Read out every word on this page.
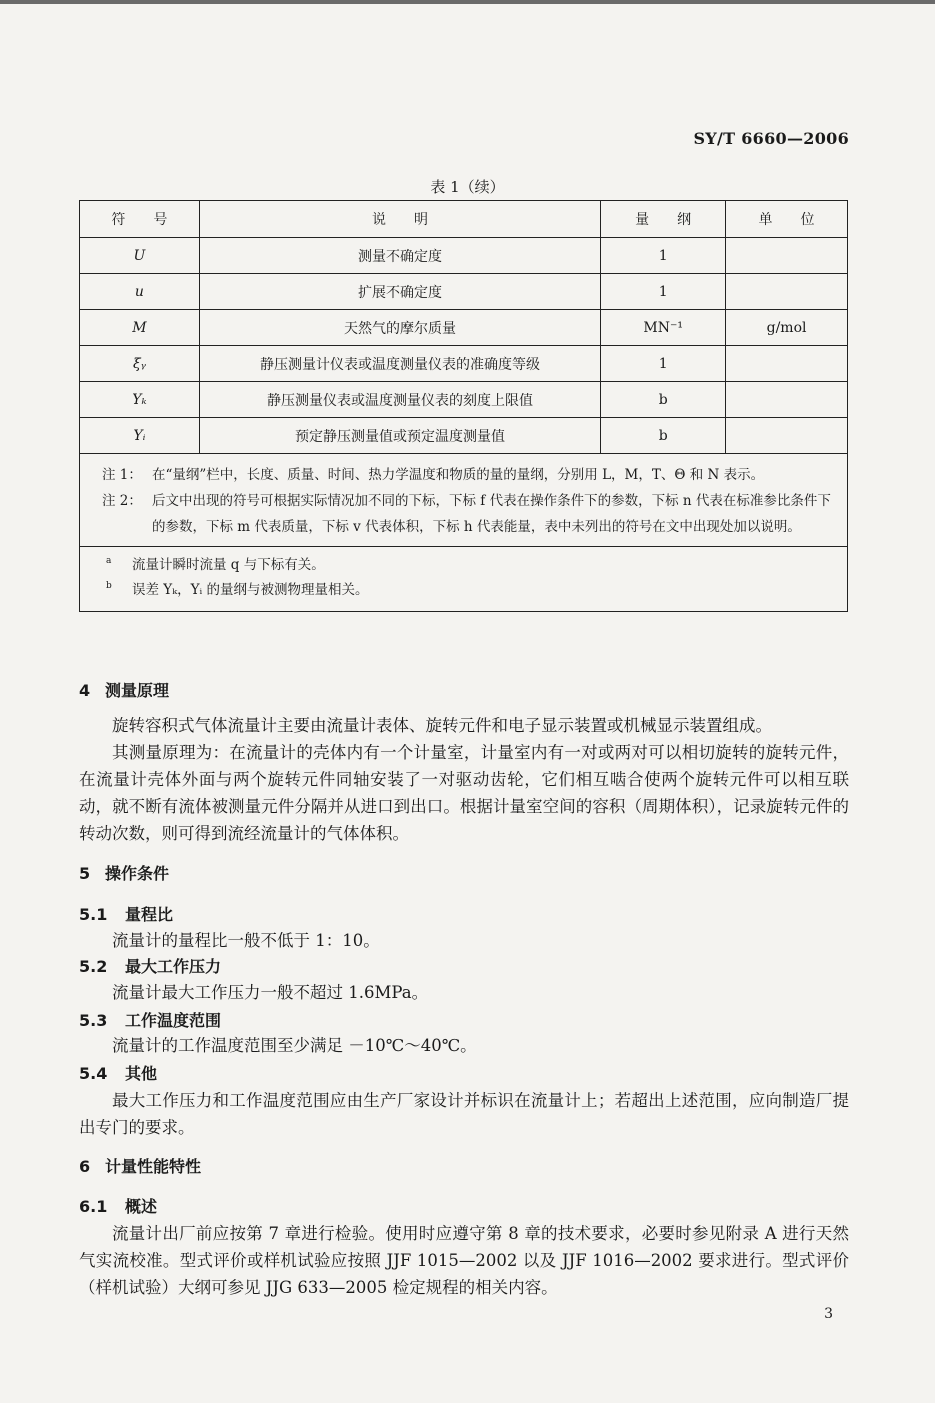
SY/T 6660—2006
表 1（续）
符　　号	说　　明	量　　纲	单　　位
U	测量不确定度	1	
u	扩展不确定度	1	
M	天然气的摩尔质量	MN⁻¹	g/mol
ξᵧ	静压测量计仪表或温度测量仪表的准确度等级	1	
Yₖ	静压测量仪表或温度测量仪表的刻度上限值	b	
Yᵢ	预定静压测量值或预定温度测量值	b	

注 1： 在“量纲”栏中，长度、质量、时间、热力学温度和物质的量的量纲，分别用 L，M，T、Θ 和 N 表示。
注 2： 后文中出现的符号可根据实际情况加不同的下标，下标 f 代表在操作条件下的参数，下标 n 代表在标准参比条件下的参数，下标 m 代表质量，下标 v 代表体积，下标 h 代表能量，表中未列出的符号在文中出现处加以说明。			

a 流量计瞬时流量 q 与下标有关。
b 误差 Yₖ，Yᵢ 的量纲与被测物理量相关。			
4 测量原理
旋转容积式气体流量计主要由流量计表体、旋转元件和电子显示装置或机械显示装置组成。
其测量原理为：在流量计的壳体内有一个计量室，计量室内有一对或两对可以相切旋转的旋转元件，在流量计壳体外面与两个旋转元件同轴安装了一对驱动齿轮，它们相互啮合使两个旋转元件可以相互联动，就不断有流体被测量元件分隔并从进口到出口。根据计量室空间的容积（周期体积），记录旋转元件的转动次数，则可得到流经流量计的气体体积。
5 操作条件
5.1 量程比
流量计的量程比一般不低于 1：10。
5.2 最大工作压力
流量计最大工作压力一般不超过 1.6MPa。
5.3 工作温度范围
流量计的工作温度范围至少满足 －10℃～40℃。
5.4 其他
最大工作压力和工作温度范围应由生产厂家设计并标识在流量计上；若超出上述范围，应向制造厂提出专门的要求。
6 计量性能特性
6.1 概述
流量计出厂前应按第 7 章进行检验。使用时应遵守第 8 章的技术要求，必要时参见附录 A 进行天然气实流校准。型式评价或样机试验应按照 JJF 1015—2002 以及 JJF 1016—2002 要求进行。型式评价（样机试验）大纲可参见 JJG 633—2005 检定规程的相关内容。
3
